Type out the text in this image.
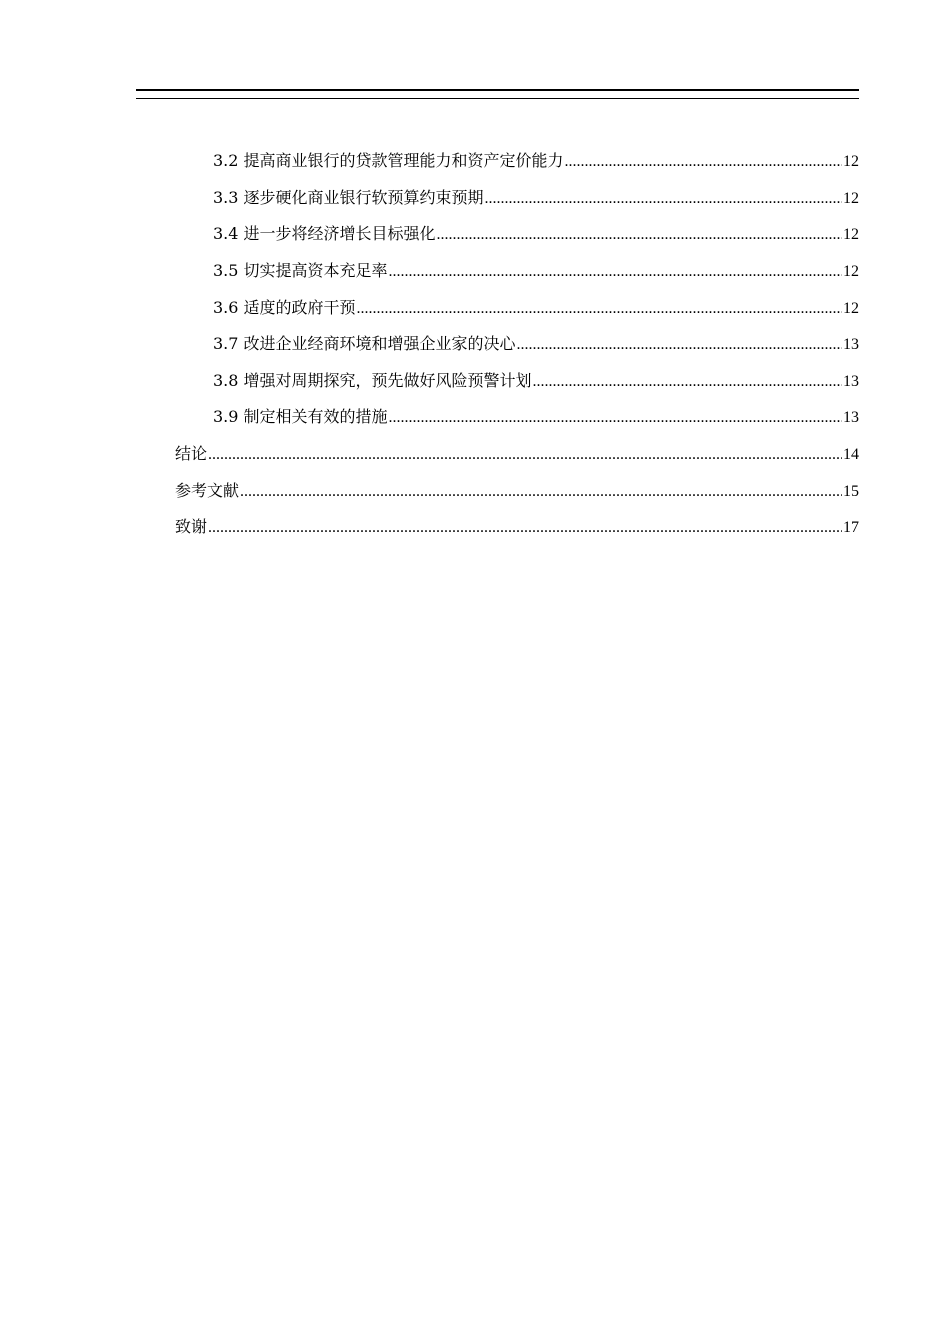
3.2 提高商业银行的贷款管理能力和资产定价能力 .....	12
3.3 逐步硬化商业银行软预算约束预期 .....	12
3.4 进一步将经济增长目标强化 .....	12
3.5 切实提高资本充足率 .....	12
3.6 适度的政府干预 .....	12
3.7 改进企业经商环境和增强企业家的决心 .....	13
3.8 增强对周期探究，预先做好风险预警计划 .....	13
3.9 制定相关有效的措施 .....	13
结论 .....	14
参考文献 .....	15
致谢 .....	17
